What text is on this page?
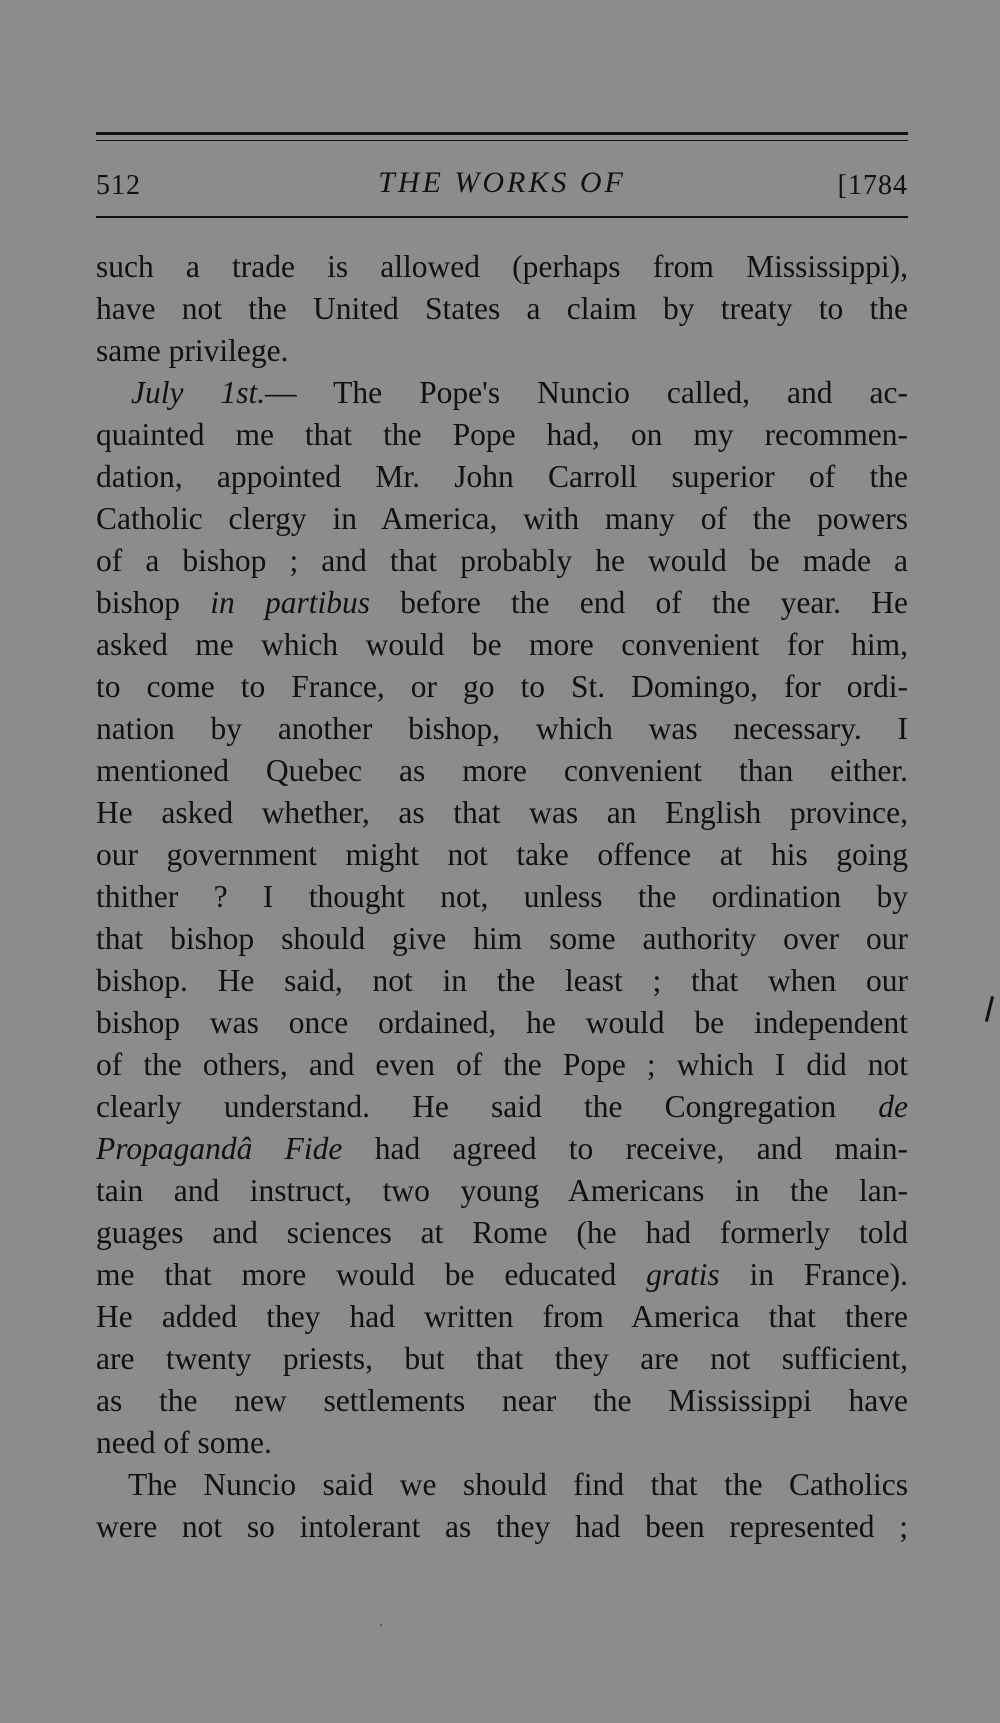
512	THE WORKS OF	[1784
such a trade is allowed (perhaps from Mississippi),
have not the United States a claim by treaty to the
same privilege.
July 1st.— The Pope's Nuncio called, and ac-
quainted me that the Pope had, on my recommen-
dation, appointed Mr. John Carroll superior of the
Catholic clergy in America, with many of the powers
of a bishop ; and that probably he would be made a
bishop in partibus before the end of the year. He
asked me which would be more convenient for him,
to come to France, or go to St. Domingo, for ordi-
nation by another bishop, which was necessary. I
mentioned Quebec as more convenient than either.
He asked whether, as that was an English province,
our government might not take offence at his going
thither ? I thought not, unless the ordination by
that bishop should give him some authority over our
bishop. He said, not in the least ; that when our
bishop was once ordained, he would be independent
of the others, and even of the Pope ; which I did not
clearly understand. He said the Congregation de
Propagandâ Fide had agreed to receive, and main-
tain and instruct, two young Americans in the lan-
guages and sciences at Rome (he had formerly told
me that more would be educated gratis in France).
He added they had written from America that there
are twenty priests, but that they are not sufficient,
as the new settlements near the Mississippi have
need of some.
The Nuncio said we should find that the Catholics
were not so intolerant as they had been represented ;
